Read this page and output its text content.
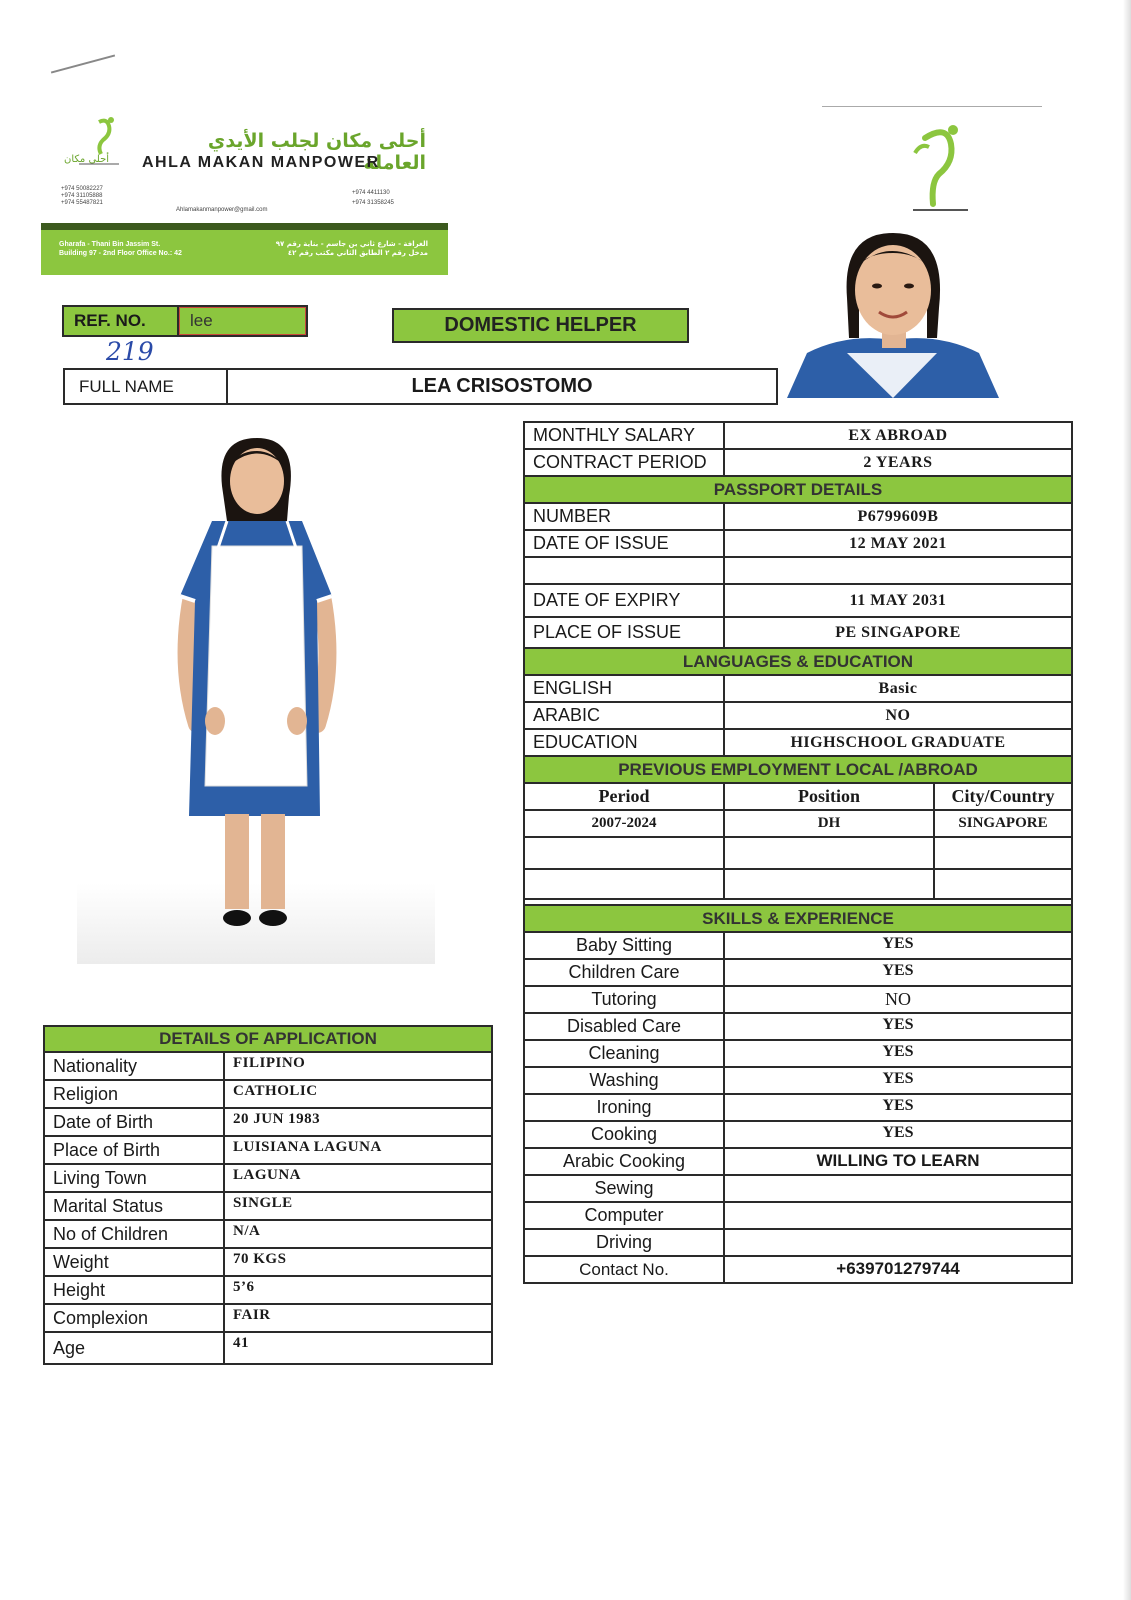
أحلى مكان
أحلى مكان لجلب الأيدي العاملة
AHLA MAKAN MANPOWER
+974 50082227
+974 31105888
+974 55487821
Ahlamakanmanpower@gmail.com
+974 4411130
+974 31358245
Gharafa - Thani Bin Jassim St.
Building 97 - 2nd Floor Office No.: 42
الغرافة - شارع ثاني بن جاسم - بناية رقم ٩٧
مدخل رقم ٢ الطابق الثاني مكتب رقم ٤٢
REF. NO.	lee
219
DOMESTIC HELPER
FULL NAME	LEA CRISOSTOMO
MONTHLY SALARY	EX ABROAD	
CONTRACT PERIOD	2 YEARS	
PASSPORT DETAILS		
NUMBER	P6799609B	
DATE OF ISSUE	12 MAY 2021	

DATE OF EXPIRY	11 MAY 2031	
PLACE OF ISSUE	PE SINGAPORE	
LANGUAGES & EDUCATION		
ENGLISH	Basic	
ARABIC	NO	
EDUCATION	HIGHSCHOOL GRADUATE	
PREVIOUS EMPLOYMENT LOCAL /ABROAD		
Period	Position	City/Country
2007-2024	DH	SINGAPORE

SKILLS & EXPERIENCE		
Baby Sitting	YES	
Children Care	YES	
Tutoring	NO	
Disabled Care	YES	
Cleaning	YES	
Washing	YES	
Ironing	YES	
Cooking	YES	
Arabic Cooking	WILLING TO LEARN	
Sewing		
Computer		
Driving		
Contact No.	+639701279744	
DETAILS OF APPLICATION	
Nationality	FILIPINO
Religion	CATHOLIC
Date of Birth	20 JUN 1983
Place of Birth	LUISIANA LAGUNA
Living Town	LAGUNA
Marital Status	SINGLE
No of Children	N/A
Weight	70 KGS
Height	5’6
Complexion	FAIR
Age	41
